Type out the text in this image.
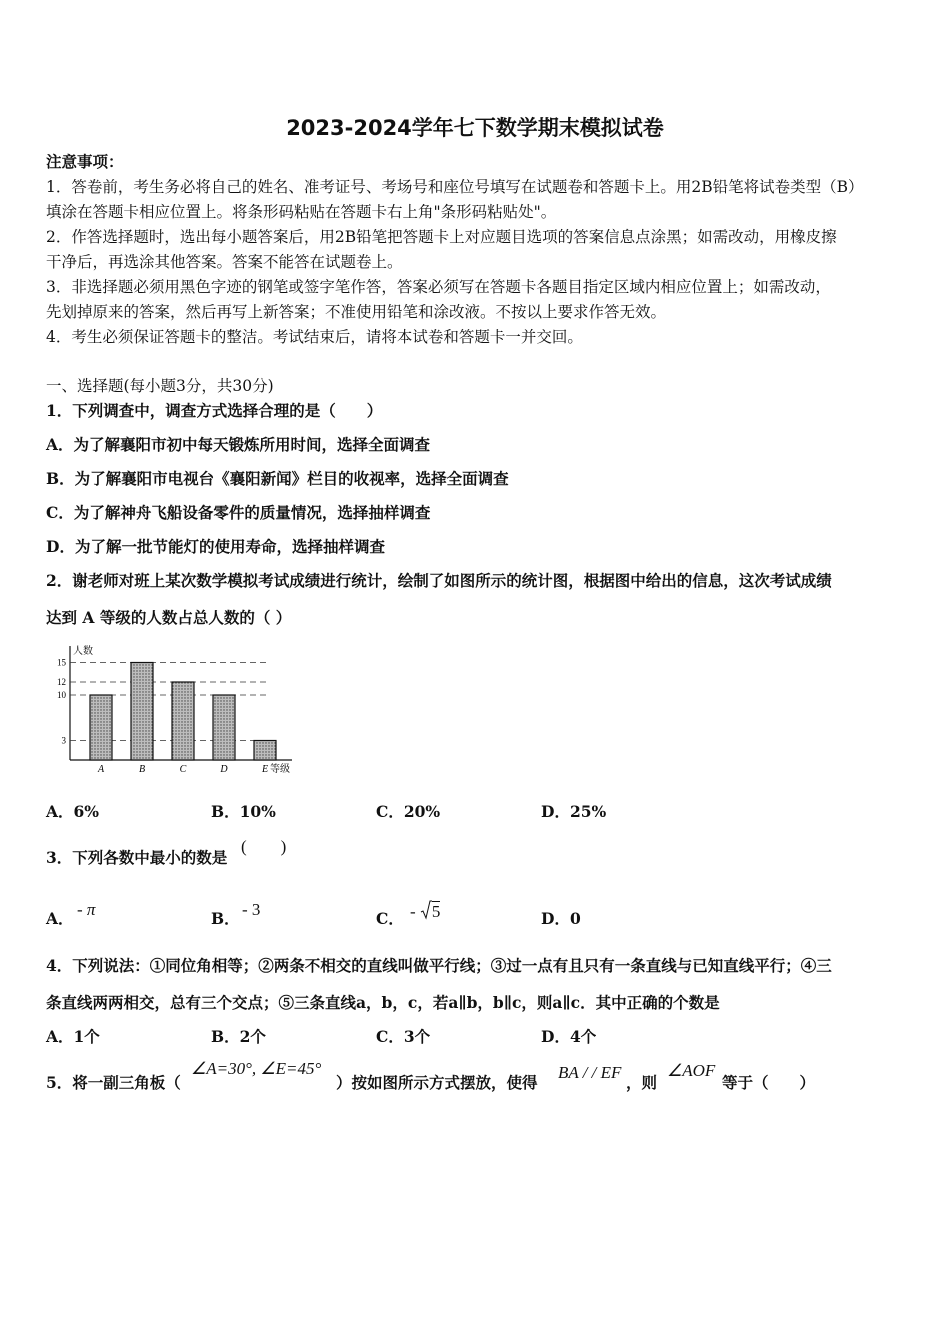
2023-2024学年七下数学期末模拟试卷
注意事项：
1．答卷前，考生务必将自己的姓名、准考证号、考场号和座位号填写在试题卷和答题卡上。用2B铅笔将试卷类型（B）
填涂在答题卡相应位置上。将条形码粘贴在答题卡右上角"条形码粘贴处"。
2．作答选择题时，选出每小题答案后，用2B铅笔把答题卡上对应题目选项的答案信息点涂黑；如需改动，用橡皮擦
干净后，再选涂其他答案。答案不能答在试题卷上。
3．非选择题必须用黑色字迹的钢笔或签字笔作答，答案必须写在答题卡各题目指定区域内相应位置上；如需改动，
先划掉原来的答案，然后再写上新答案；不准使用铅笔和涂改液。不按以上要求作答无效。
4．考生必须保证答题卡的整洁。考试结束后，请将本试卷和答题卡一并交回。
一、选择题(每小题3分，共30分)
1．下列调查中，调查方式选择合理的是（　　）
A．为了解襄阳市初中每天锻炼所用时间，选择全面调查
B．为了解襄阳市电视台《襄阳新闻》栏目的收视率，选择全面调查
C．为了解神舟飞船设备零件的质量情况，选择抽样调查
D．为了解一批节能灯的使用寿命，选择抽样调查
2．谢老师对班上某次数学模拟考试成绩进行统计，绘制了如图所示的统计图，根据图中给出的信息，这次考试成绩
达到 A 等级的人数占总人数的（ ）
人数
等级
3
10
12
15
A	B	C	D	E
A．6%	B．10%	C．20%	D．25%
3．下列各数中最小的数是
(　　)
A． - π	B． - 3	C． - 5	D．0
4．下列说法：①同位角相等；②两条不相交的直线叫做平行线；③过一点有且只有一条直线与已知直线平行；④三
条直线两两相交，总有三个交点；⑤三条直线a，b，c，若a∥b，b∥c，则a∥c．其中正确的个数是
A．1个	B．2个	C．3个	D．4个
5．将一副三角板（
∠A=30°, ∠E=45°
）按如图所示方式摆放，使得
BA / / EF
，则
∠AOF
等于（　　）
